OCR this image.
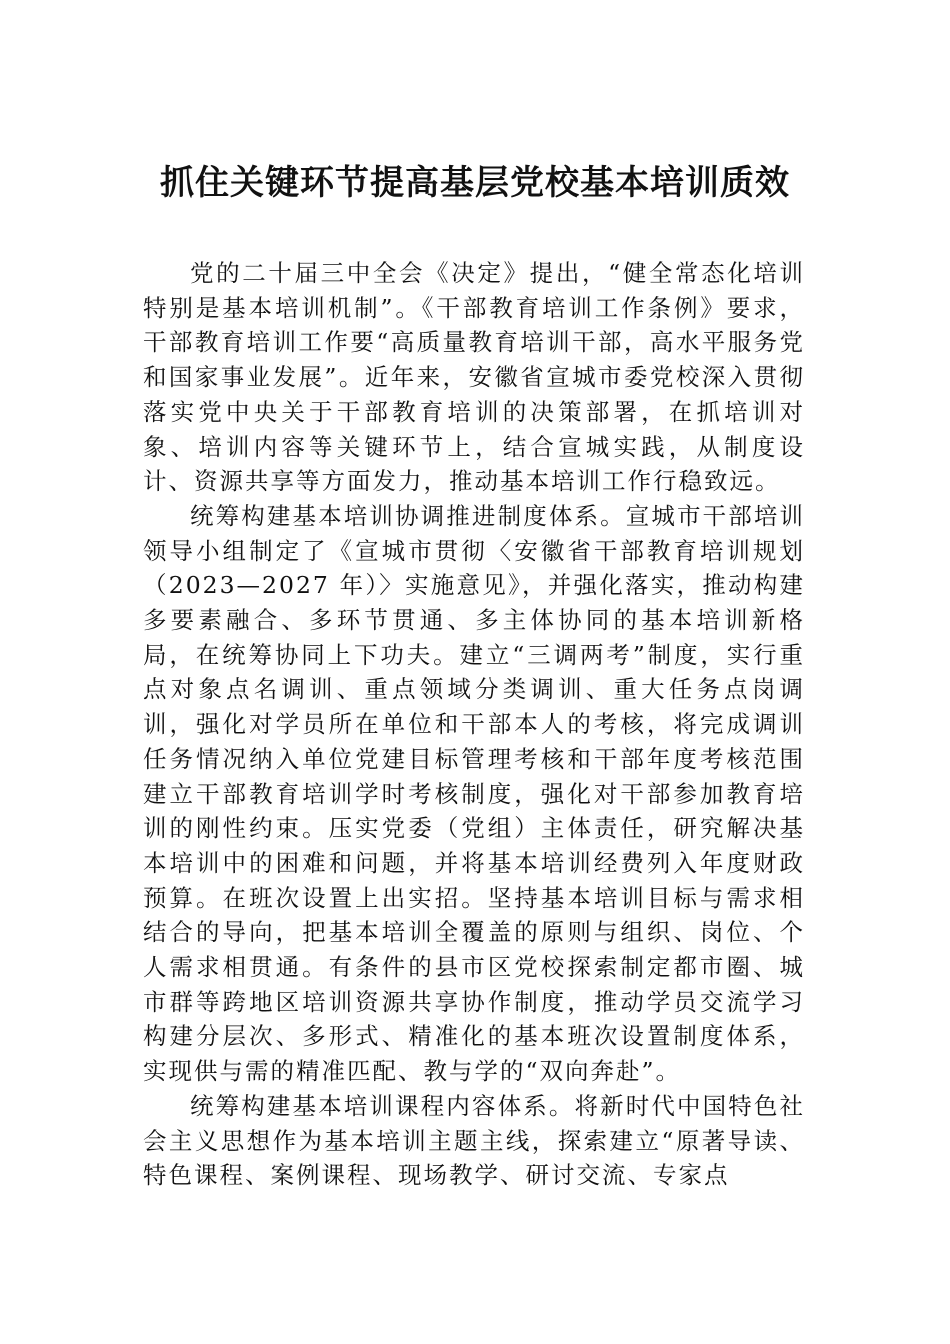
抓住关键环节提高基层党校基本培训质效

党的二十届三中全会《决定》提出，“健全常态化培训特别是基本培训机制”。《干部教育培训工作条例》要求，干部教育培训工作要“高质量教育培训干部，高水平服务党和国家事业发展”。近年来，安徽省宣城市委党校深入贯彻落实党中央关于干部教育培训的决策部署，在抓培训对象、培训内容等关键环节上，结合宣城实践，从制度设计、资源共享等方面发力，推动基本培训工作行稳致远。

统筹构建基本培训协调推进制度体系。宣城市干部培训领导小组制定了《宣城市贯彻〈安徽省干部教育培训规划（2023—2027 年）〉实施意见》，并强化落实，推动构建多要素融合、多环节贯通、多主体协同的基本培训新格局，在统筹协同上下功夫。建立“三调两考”制度，实行重点对象点名调训、重点领域分类调训、重大任务点岗调训，强化对学员所在单位和干部本人的考核，将完成调训任务情况纳入单位党建目标管理考核和干部年度考核范围建立干部教育培训学时考核制度，强化对干部参加教育培训的刚性约束。压实党委（党组）主体责任，研究解决基本培训中的困难和问题，并将基本培训经费列入年度财政预算。在班次设置上出实招。坚持基本培训目标与需求相结合的导向，把基本培训全覆盖的原则与组织、岗位、个人需求相贯通。有条件的县市区党校探索制定都市圈、城市群等跨地区培训资源共享协作制度，推动学员交流学习构建分层次、多形式、精准化的基本班次设置制度体系，实现供与需的精准匹配、教与学的“双向奔赴”。

统筹构建基本培训课程内容体系。将新时代中国特色社会主义思想作为基本培训主题主线，探索建立“原著导读、特色课程、案例课程、现场教学、研讨交流、专家点
